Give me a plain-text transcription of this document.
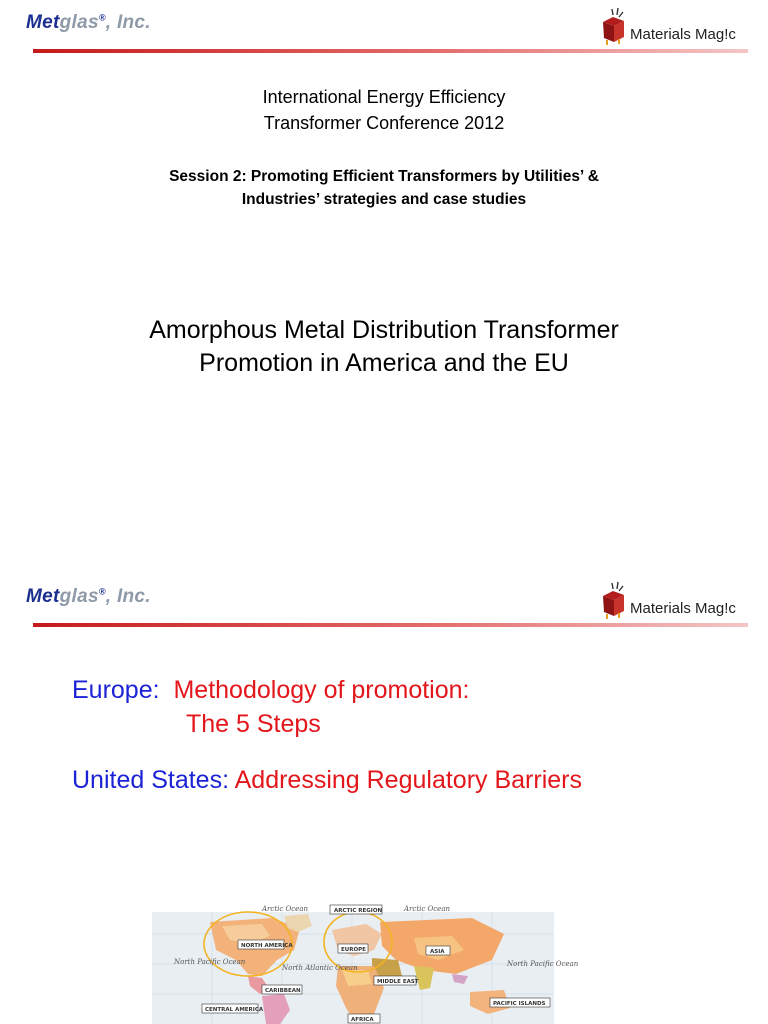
Metglas®, Inc.
Materials Mag!c
International Energy Efficiency
Transformer Conference 2012
Session 2: Promoting Efficient Transformers by Utilities’ &
Industries’ strategies and case studies
Amorphous Metal Distribution Transformer
Promotion in America and the EU
Metglas®, Inc.
Materials Mag!c
Europe: Methodology of promotion:
The 5 Steps
United States: Addressing Regulatory Barriers
Arctic Ocean	Arctic Ocean
North Pacific Ocean
North Atlantic Ocean	North Pacific Ocean
ARCTIC REGION
NORTH AMERICA
EUROPE	ASIA
CENTRAL AMERICA
CARIBBEAN
MIDDLE EAST
PACIFIC ISLANDS
AFRICA
